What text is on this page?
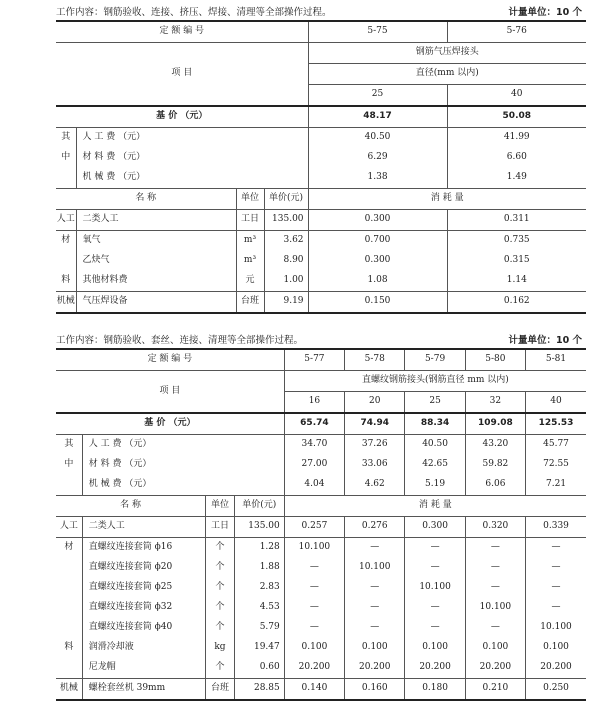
工作内容：钢筋验收、连接、挤压、焊接、清理等全部操作过程。	计量单位：10 个
定 额 编 号				5-75	5-76
项 目				钢筋气压焊接头	
				直径(mm 以内)	
				25	40
基 价 （元）				48.17	50.08
其	人 工 费 （元）			40.50	41.99
中	材 料 费 （元）			6.29	6.60
	机 械 费 （元）			1.38	1.49
名 称		单位	单价(元)	消 耗 量	
人工	二类人工	工日	135.00	0.300	0.311
材	氧气	m³	3.62	0.700	0.735
	乙炔气	m³	8.90	0.300	0.315
料	其他材料费	元	1.00	1.08	1.14
机械	气压焊设备	台班	9.19	0.150	0.162
工作内容：钢筋验收、套丝、连接、清理等全部操作过程。	计量单位：10 个
定 额 编 号				5-77	5-78	5-79	5-80	5-81
项 目				直螺纹钢筋接头(钢筋直径 mm 以内)				
				16	20	25	32	40
基 价 （元）				65.74	74.94	88.34	109.08	125.53
其	人 工 费 （元）			34.70	37.26	40.50	43.20	45.77
中	材 料 费 （元）			27.00	33.06	42.65	59.82	72.55
	机 械 费 （元）			4.04	4.62	5.19	6.06	7.21
名 称		单位	单价(元)	消 耗 量				
人工	二类人工	工日	135.00	0.257	0.276	0.300	0.320	0.339
材	直螺纹连接套筒 ϕ16	个	1.28	10.100	—	—	—	—
	直螺纹连接套筒 ϕ20	个	1.88	—	10.100	—	—	—
	直螺纹连接套筒 ϕ25	个	2.83	—	—	10.100	—	—
	直螺纹连接套筒 ϕ32	个	4.53	—	—	—	10.100	—
	直螺纹连接套筒 ϕ40	个	5.79	—	—	—	—	10.100
料	润滑冷却液	kg	19.47	0.100	0.100	0.100	0.100	0.100
	尼龙帽	个	0.60	20.200	20.200	20.200	20.200	20.200
机械	螺栓套丝机 39mm	台班	28.85	0.140	0.160	0.180	0.210	0.250
